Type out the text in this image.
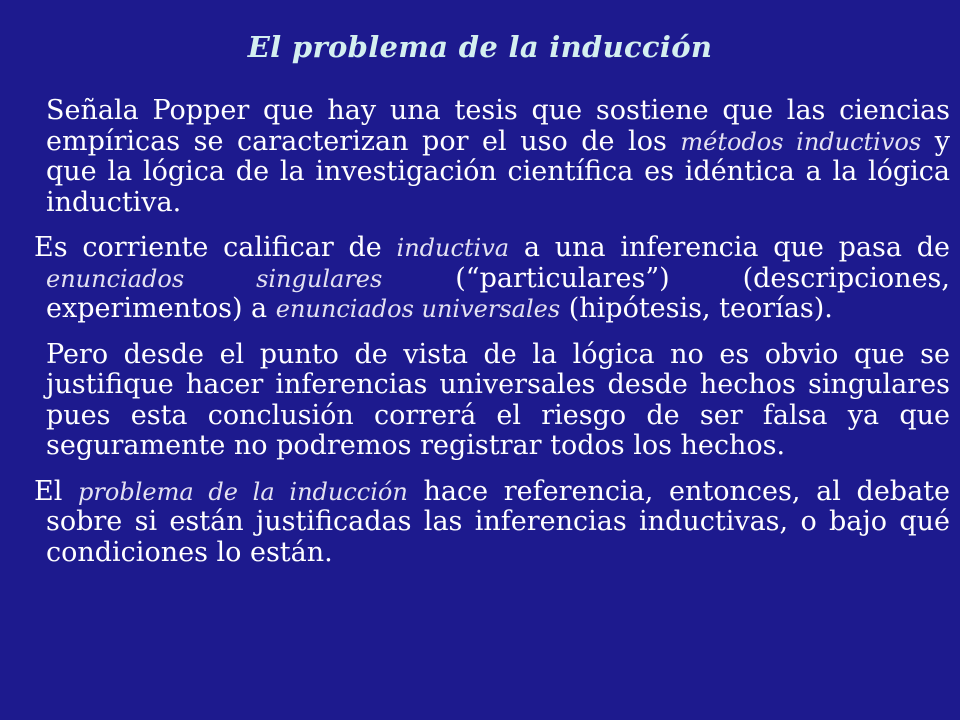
El problema de la inducción

Señala Popper que hay una tesis que sostiene que las ciencias empíricas se caracterizan por el uso de los métodos inductivos y que la lógica de la investigación científica es idéntica a la lógica inductiva.

Es corriente calificar de inductiva a una inferencia que pasa de enunciados singulares (“particulares”) (descripciones, experimentos) a enunciados universales (hipótesis, teorías).

Pero desde el punto de vista de la lógica no es obvio que se justifique hacer inferencias universales desde hechos singulares pues esta conclusión correrá el riesgo de ser falsa ya que seguramente no podremos registrar todos los hechos.

El problema de la inducción hace referencia, entonces, al debate sobre si están justificadas las inferencias inductivas, o bajo qué condiciones lo están.
